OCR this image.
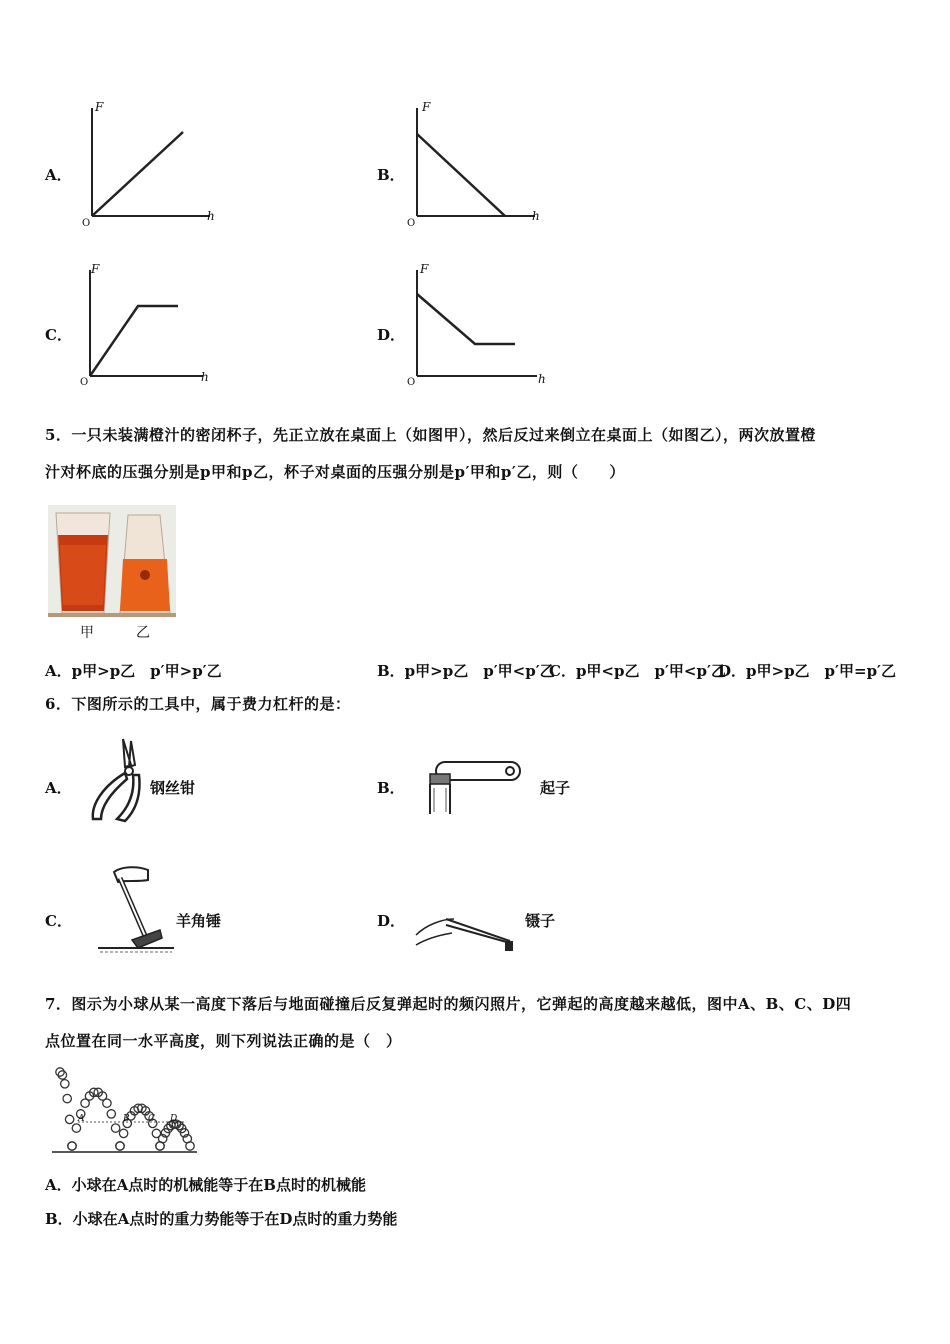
A．
F
h
O
B．
F
h
O
C．
F
h
O
D．
F
h
O
5．一只未装满橙汁的密闭杯子，先正立放在桌面上（如图甲），然后反过来倒立在桌面上（如图乙），两次放置橙
汁对杯底的压强分别是p甲和p乙，杯子对桌面的压强分别是p′甲和p′乙，则（　　）
甲	乙
A．p甲>p乙　p′甲>p′乙	B．p甲>p乙　p′甲<p′乙
C．p甲<p乙　p′甲<p′乙
D．p甲>p乙　p′甲=p′乙
6．下图所示的工具中，属于费力杠杆的是：
A．	钢丝钳	B．	起子
C．	羊角锤	D．	镊子
7．图示为小球从某一高度下落后与地面碰撞后反复弹起时的频闪照片，它弹起的高度越来越低，图中A、B、C、D四
点位置在同一水平高度，则下列说法正确的是（　）
A	B C D
A．小球在A点时的机械能等于在B点时的机械能
B．小球在A点时的重力势能等于在D点时的重力势能
